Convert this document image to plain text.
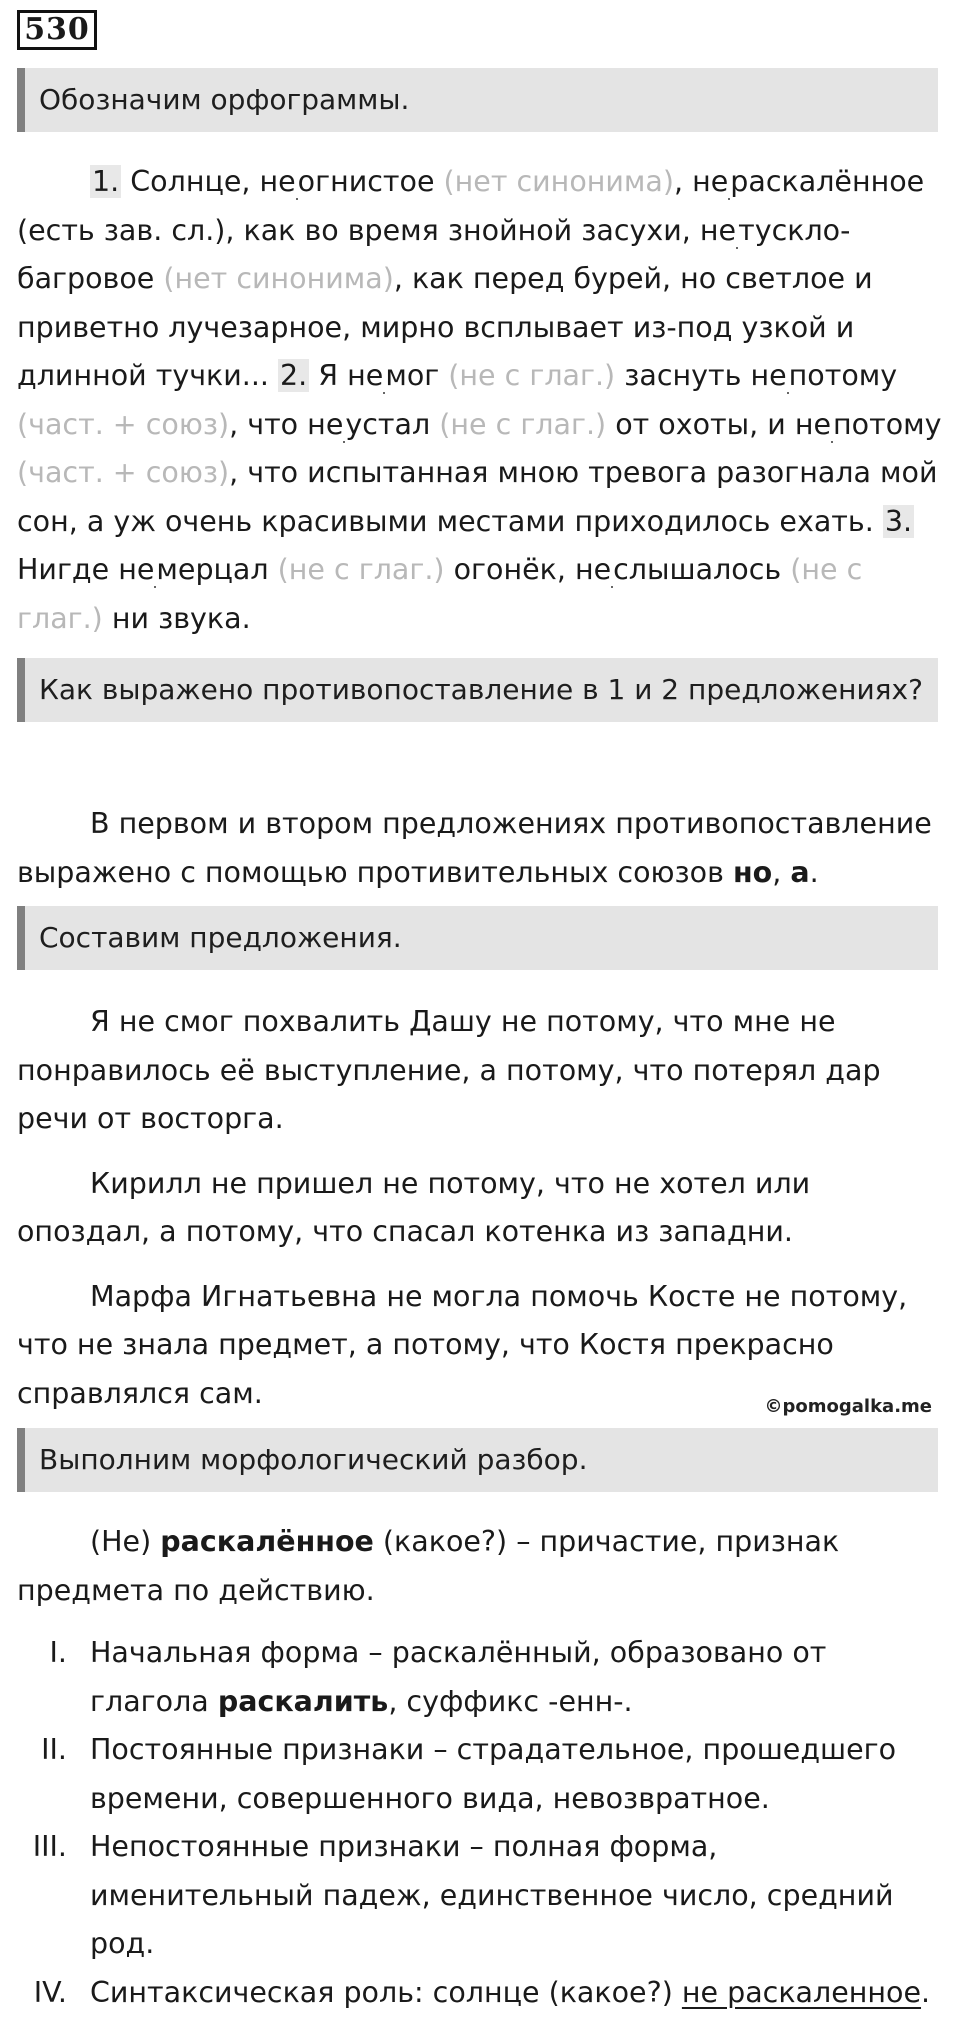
530
Обозначим орфограммы.

1. Солнце, неогнистое (нет синонима), нераскалённое (есть зав. сл.), как во время знойной засухи, нетускло-багровое (нет синонима), как перед бурей, но светлое и приветно лучезарное, мирно всплывает из-под узкой и длинной тучки... 2. Я немог (не с глаг.) заснуть непотому (част. + союз), что неустал (не с глаг.) от охоты, и непотому (част. + союз), что испытанная мною тревога разогнала мой сон, а уж очень красивыми местами приходилось ехать. 3. Нигде немерцал (не с глаг.) огонёк, неслышалось (не с глаг.) ни звука.

Как выражено противопоставление в 1 и 2 предложениях?

В первом и втором предложениях противопоставление выражено с помощью противительных союзов но, а.

Составим предложения.

Я не смог похвалить Дашу не потому, что мне не понравилось её выступление, а потому, что потерял дар речи от восторга.

Кирилл не пришел не потому, что не хотел или опоздал, а потому, что спасал котенка из западни.

Марфа Игнатьевна не могла помочь Косте не потому, что не знала предмет, а потому, что Костя прекрасно справлялся сам.	©pomogalka.me
Выполним морфологический разбор.

(Не) раскалённое (какое?) – причастие, признак предмета по действию.

I. Начальная форма – раскалённый, образовано от глагола раскалить, суффикс -енн-.
II. Постоянные признаки – страдательное, прошедшего времени, совершенного вида, невозвратное.
III. Непостоянные признаки – полная форма, именительный падеж, единственное число, средний род.
IV. Синтаксическая роль: солнце (какое?) не раскаленное.
